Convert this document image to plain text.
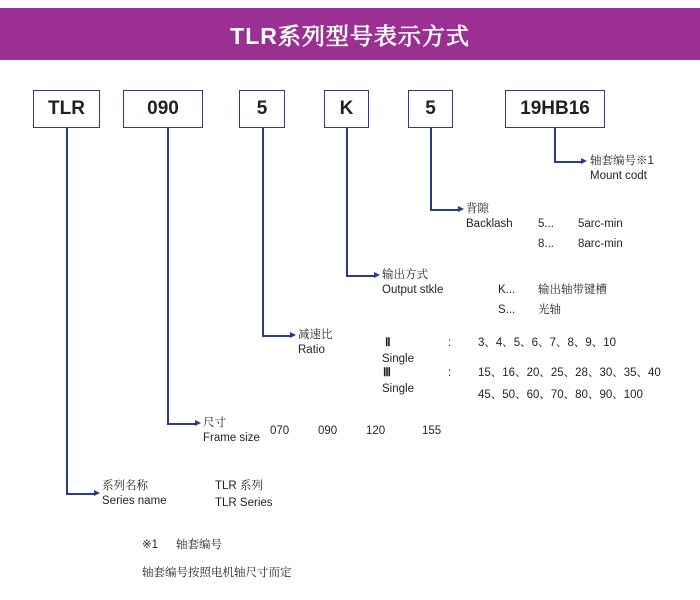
TLR系列型号表示方式
TLR	090	5	K	5	19HB16
轴套编号※1
Mount codt
背隙
Backlash 5... 5arc-min
8... 8arc-min
输出方式
Output stkle	K... 输出轴带键槽
S... 光轴
减速比
Ratio
Ⅱ
Single
: 3、4、5、6、7、8、9、10
Ⅲ
Single
: 15、16、20、25、28、30、35、40
45、50、60、70、80、90、100
尺寸
Frame size
070	090	120	155
系列名称
Series name
TLR 系列
TLR Series
※1 轴套编号
轴套编号按照电机轴尺寸而定
